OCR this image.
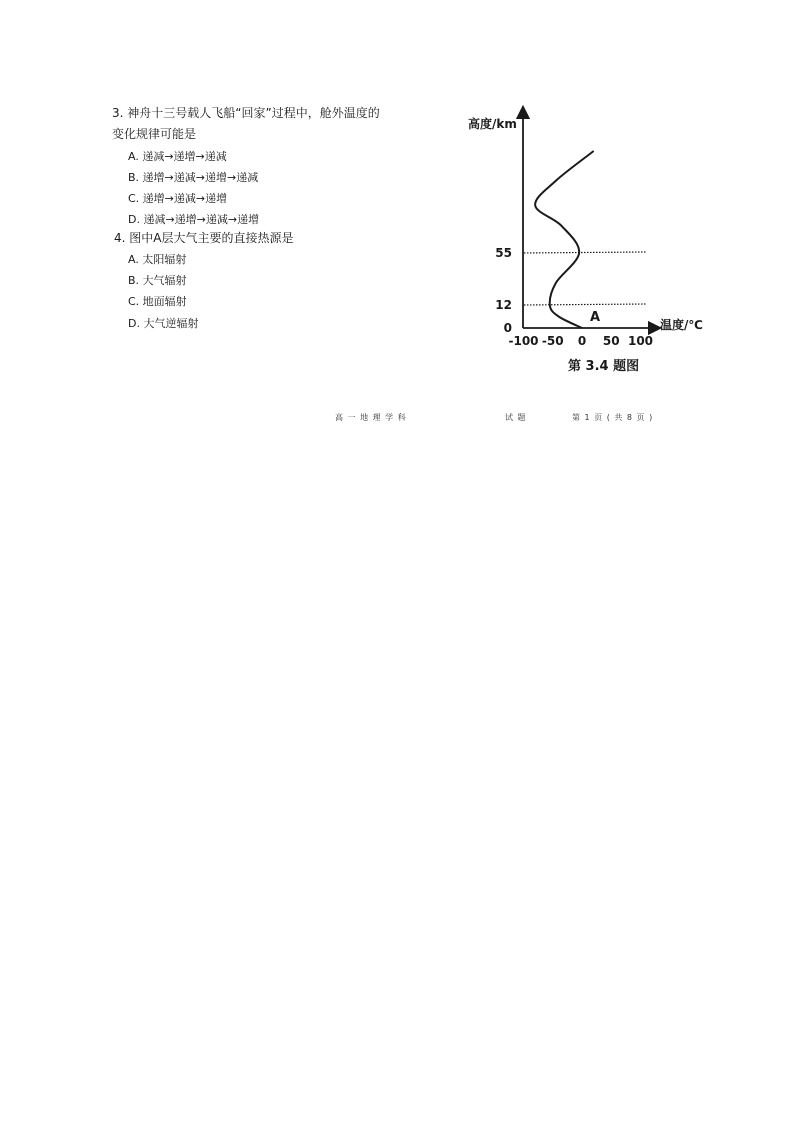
3. 神舟十三号载人飞船“回家”过程中，舱外温度的
变化规律可能是
A. 递减→递增→递减
B. 递增→递减→递增→递减
C. 递增→递减→递增
D. 递减→递增→递减→递增
4. 图中A层大气主要的直接热源是
A. 太阳辐射
B. 大气辐射
C. 地面辐射
D. 大气逆辐射
高度/km
温度/℃
-100 -50 0 50 100
0
12
55
A
第 3.4 题图
高 一 地 理 学 科	试 题	第 1 页 ( 共 8 页 )
